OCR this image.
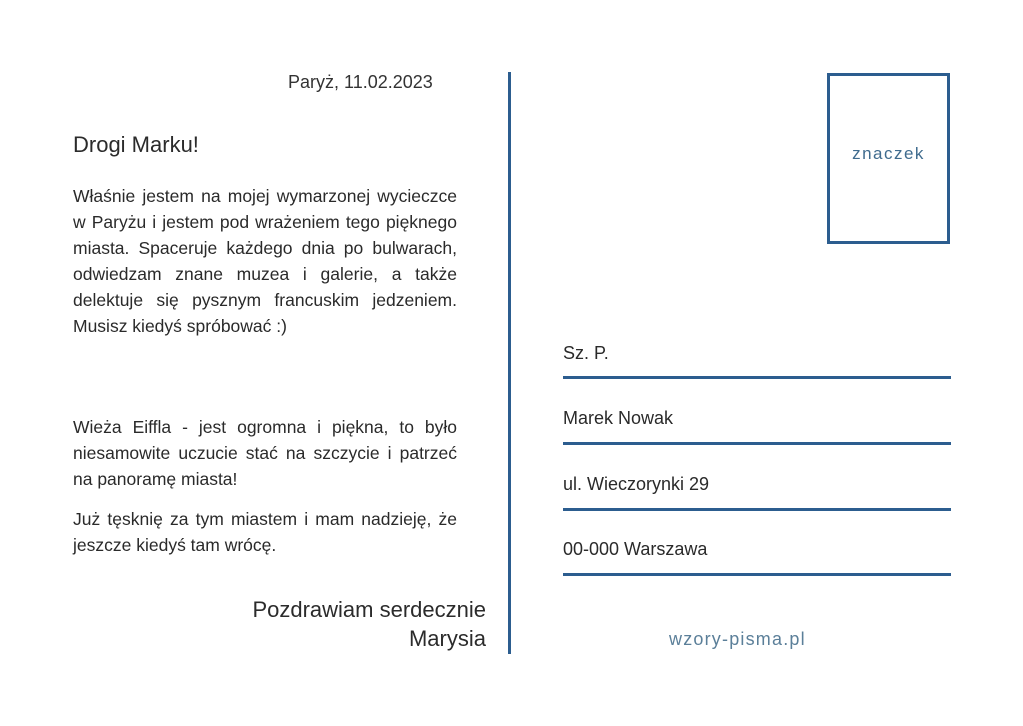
Paryż, 11.02.2023
Drogi Marku!
Właśnie jestem na mojej wymarzonej wycieczce w Paryżu i jestem pod wrażeniem tego pięknego miasta. Spaceruje każdego dnia po bulwarach, odwiedzam znane muzea i galerie, a także delektuje się pysznym francuskim jedzeniem. Musisz kiedyś spróbować :)
Wieża Eiffla - jest ogromna i piękna, to było niesamowite uczucie stać na szczycie i patrzeć na panoramę miasta!
Już tęsknię za tym miastem i mam nadzieję, że jeszcze kiedyś tam wrócę.
Pozdrawiam serdecznie
Marysia
znaczek
Sz. P.
Marek Nowak
ul. Wieczorynki 29
00-000 Warszawa
wzory-pisma.pl
